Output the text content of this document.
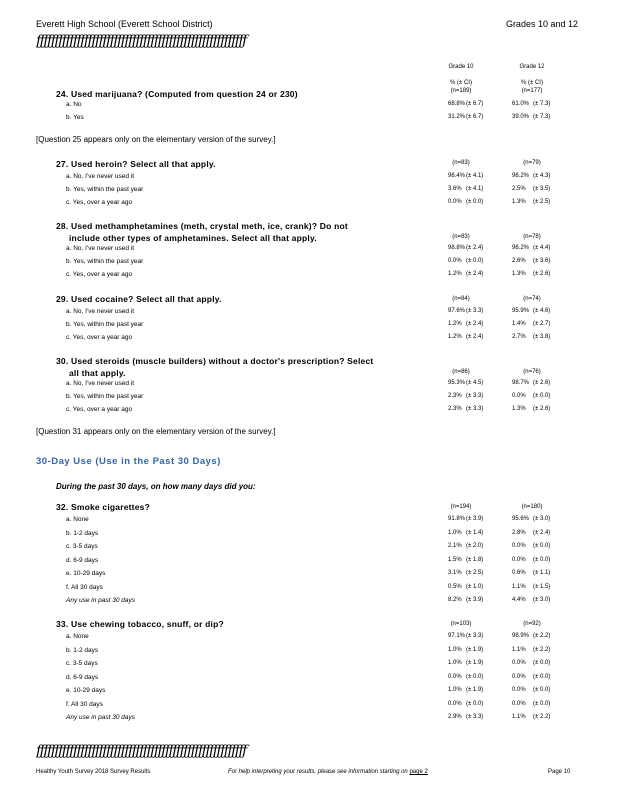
Everett High School (Everett School District)	Grades 10 and 12
ƒƒƒƒƒƒƒƒƒƒƒƒƒƒƒƒƒƒƒƒƒƒƒƒƒƒƒƒƒƒƒƒƒƒƒƒƒƒƒƒƒƒƒƒƒƒƒƒƒƒƒƒƒƒƒƒƒ
Grade 10	Grade 12
% (± CI)	% (± CI)
24. Used marijuana? (Computed from question 24 or 230)	(n=189)	(n=177)
a. No	68.8% (± 6.7)	61.0% (± 7.3)
b. Yes	31.2% (± 6.7)	39.0% (± 7.3)
[Question 25 appears only on the elementary version of the survey.]
27. Used heroin? Select all that apply.	(n=83)	(n=79)
a. No, I've never used it	96.4% (± 4.1)	96.2% (± 4.3)
b. Yes, within the past year	3.6% (± 4.1)	2.5% (± 3.5)
c. Yes, over a year ago	0.0% (± 0.0)	1.3% (± 2.5)
28. Used methamphetamines (meth, crystal meth, ice, crank)? Do not
include other types of amphetamines. Select all that apply.	(n=83)	(n=78)
a. No, I've never used it	98.8% (± 2.4)	96.2% (± 4.4)
b. Yes, within the past year	0.0% (± 0.0)	2.6% (± 3.6)
c. Yes, over a year ago	1.2% (± 2.4)	1.3% (± 2.6)
29. Used cocaine? Select all that apply.	(n=84)	(n=74)
a. No, I've never used it	97.6% (± 3.3)	95.9% (± 4.6)
b. Yes, within the past year	1.2% (± 2.4)	1.4% (± 2.7)
c. Yes, over a year ago	1.2% (± 2.4)	2.7% (± 3.8)
30. Used steroids (muscle builders) without a doctor's prescription? Select
all that apply.	(n=86)	(n=76)
a. No, I've never used it	95.3% (± 4.5)	98.7% (± 2.6)
b. Yes, within the past year	2.3% (± 3.3)	0.0% (± 0.0)
c. Yes, over a year ago	2.3% (± 3.3)	1.3% (± 2.6)
[Question 31 appears only on the elementary version of the survey.]
30-Day Use (Use in the Past 30 Days)
During the past 30 days, on how many days did you:
32. Smoke cigarettes?	(n=194)	(n=180)
a. None	91.8% (± 3.9)	95.6% (± 3.0)
b. 1-2 days	1.0% (± 1.4)	2.8% (± 2.4)
c. 3-5 days	2.1% (± 2.0)	0.0% (± 0.0)
d. 6-9 days	1.5% (± 1.8)	0.0% (± 0.0)
e. 10-29 days	3.1% (± 2.5)	0.6% (± 1.1)
f. All 30 days	0.5% (± 1.0)	1.1% (± 1.5)
Any use in past 30 days	8.2% (± 3.9)	4.4% (± 3.0)
33. Use chewing tobacco, snuff, or dip?	(n=103)	(n=92)
a. None	97.1% (± 3.3)	98.9% (± 2.2)
b. 1-2 days	1.0% (± 1.9)	1.1% (± 2.2)
c. 3-5 days	1.0% (± 1.9)	0.0% (± 0.0)
d. 6-9 days	0.0% (± 0.0)	0.0% (± 0.0)
e. 10-29 days	1.0% (± 1.9)	0.0% (± 0.0)
f. All 30 days	0.0% (± 0.0)	0.0% (± 0.0)
Any use in past 30 days	2.9% (± 3.3)	1.1% (± 2.2)
ƒƒƒƒƒƒƒƒƒƒƒƒƒƒƒƒƒƒƒƒƒƒƒƒƒƒƒƒƒƒƒƒƒƒƒƒƒƒƒƒƒƒƒƒƒƒƒƒƒƒƒƒƒƒƒƒƒ
Healthy Youth Survey 2018 Survey Results	For help interpreting your results, please see information starting on page 2	Page 10
